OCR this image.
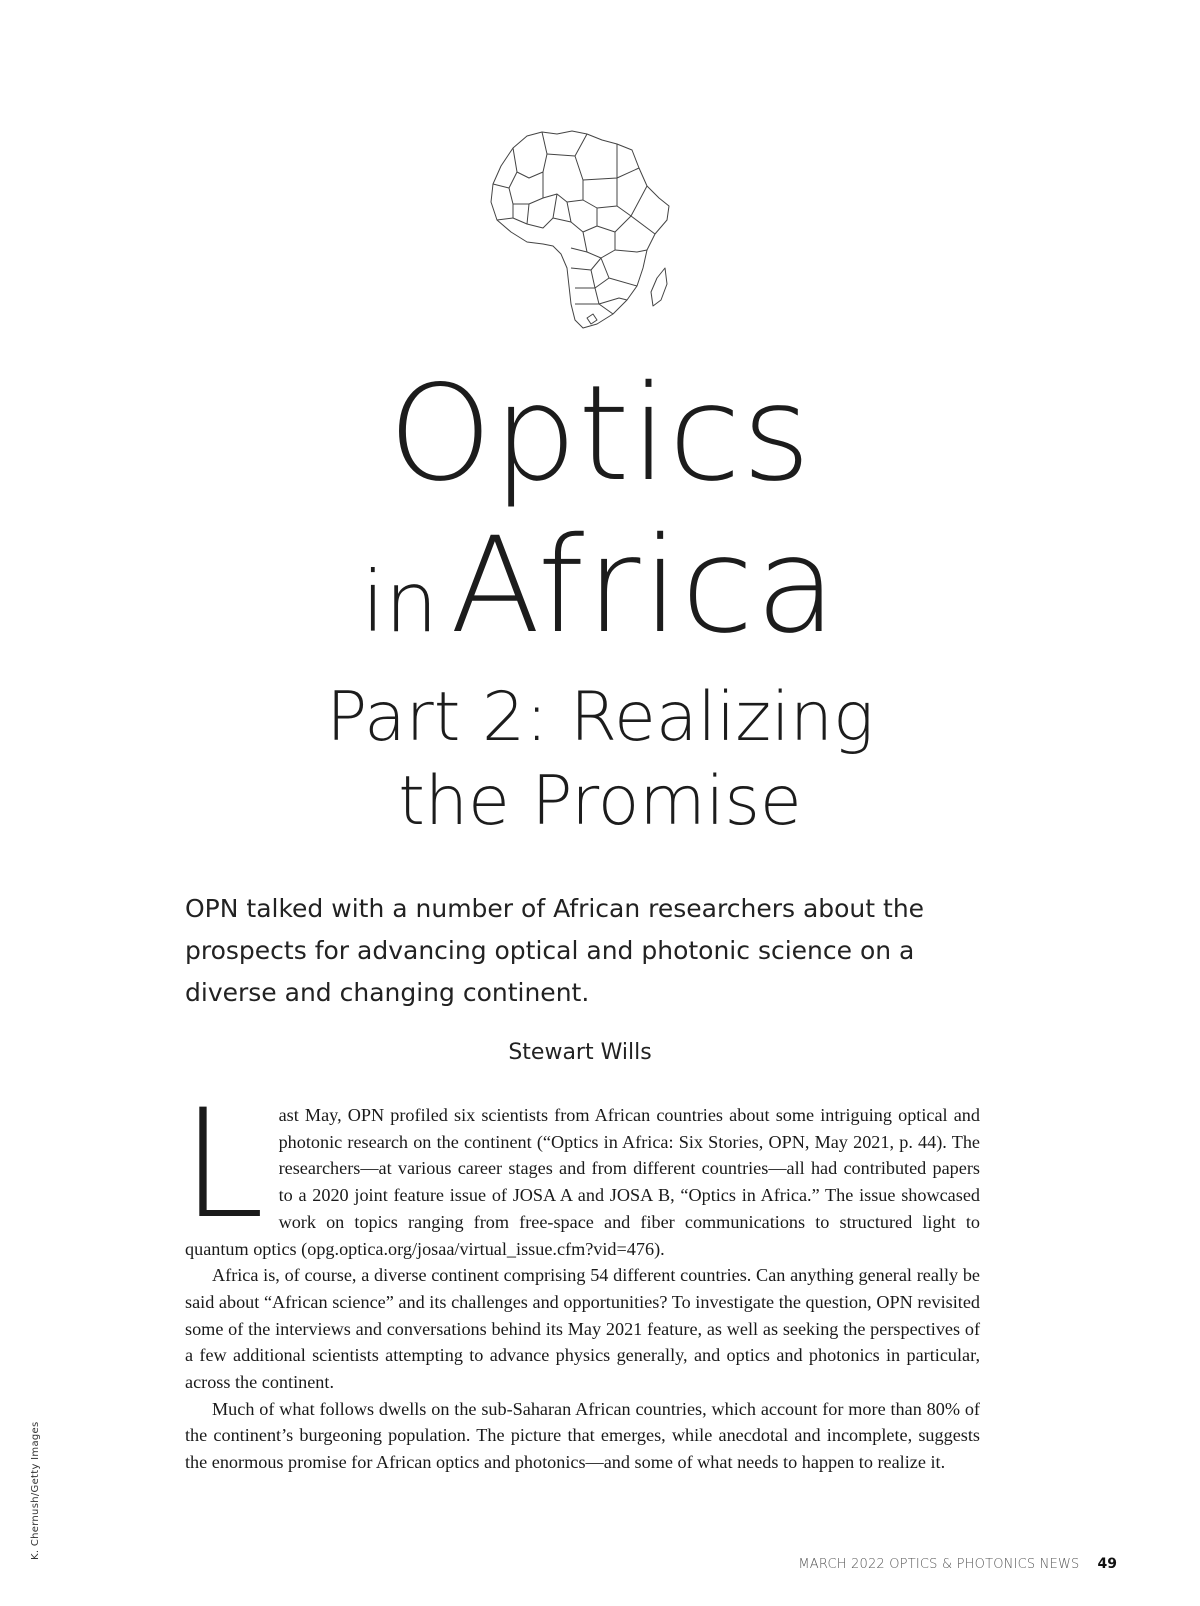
Optics
inAfrica
Part 2: Realizing
the Promise
OPN talked with a number of African researchers about the prospects for advancing optical and photonic science on a diverse and changing continent.
Stewart Wills

Last May, OPN profiled six scientists from African countries about some intriguing optical and photonic research on the continent (“Optics in Africa: Six Stories, OPN, May 2021, p. 44). The researchers—at various career stages and from different countries—all had contributed papers to a 2020 joint feature issue of JOSA A and JOSA B, “Optics in Africa.” The issue showcased work on topics ranging from free-space and fiber communications to structured light to quantum optics (opg.optica.org/josaa/virtual_issue.cfm?vid=476).

Africa is, of course, a diverse continent comprising 54 different countries. Can anything general really be said about “African science” and its challenges and opportunities? To investigate the question, OPN revisited some of the interviews and conversations behind its May 2021 feature, as well as seeking the perspectives of a few additional scientists attempting to advance physics generally, and optics and photonics in particular, across the continent.

Much of what follows dwells on the sub-Saharan African countries, which account for more than 80% of the continent’s burgeoning population. The picture that emerges, while anecdotal and incomplete, suggests the enormous promise for African optics and photonics—and some of what needs to happen to realize it.

K. Chernush/Getty Images
MARCH 2022 OPTICS & PHOTONICS NEWS 49
